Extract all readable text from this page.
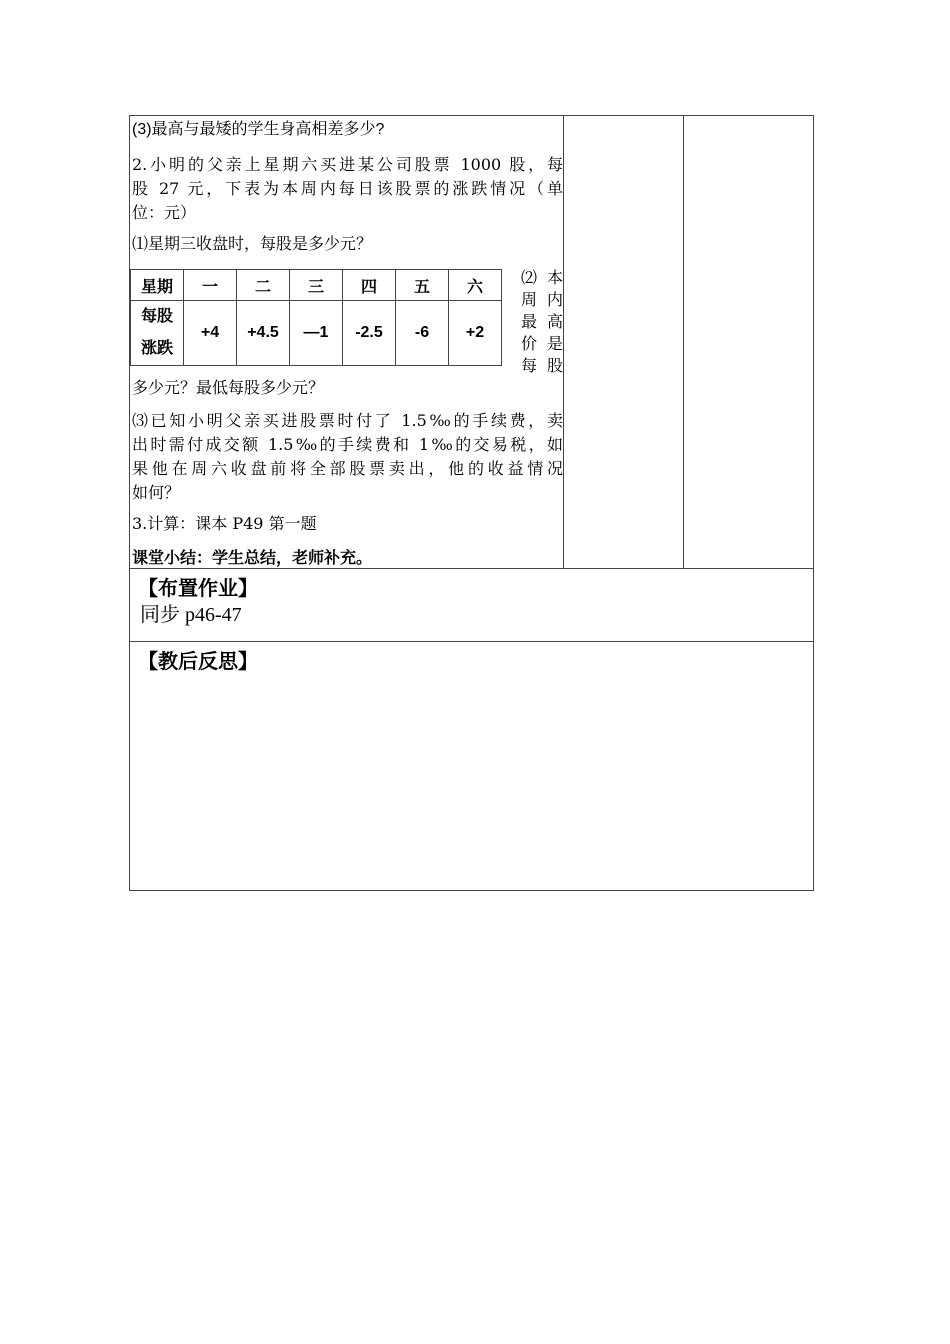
(3)最高与最矮的学生身高相差多少?
2.小明的父亲上星期六买进某公司股票 1000 股，每
股 27 元，下表为本周内每日该股票的涨跌情况（单
位：元）
⑴星期三收盘时，每股是多少元？
星期	一	二	三	四	五	六

每股
涨跌	+4	+4.5	—1	-2.5	-6	+2
⑵ 本
周 内
最 高
价 是
每 股
多少元？最低每股多少元？
⑶已知小明父亲买进股票时付了 1.5‰的手续费，卖
出时需付成交额 1.5‰的手续费和 1‰的交易税，如
果他在周六收盘前将全部股票卖出，他的收益情况
如何？
3.计算：课本 P49 第一题
课堂小结：学生总结，老师补充。
【布置作业】
同步 p46-47
【教后反思】
